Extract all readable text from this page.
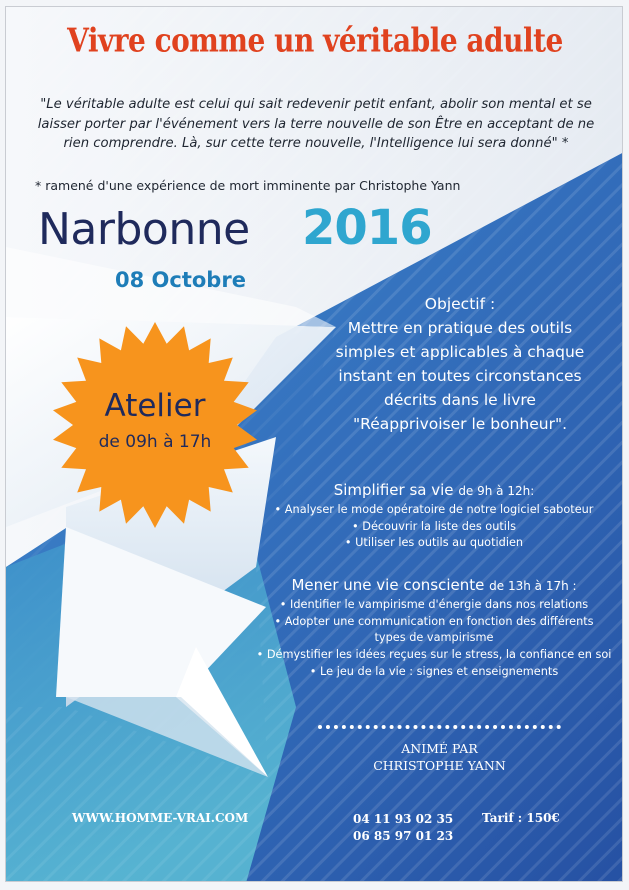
Vivre comme un véritable adulte
"Le véritable adulte est celui qui sait redevenir petit enfant, abolir son mental et se laisser porter par l'événement vers la terre nouvelle de son Être en acceptant de ne rien comprendre. Là, sur cette terre nouvelle, l'Intelligence lui sera donné" *
* ramené d'une expérience de mort imminente par Christophe Yann
Narbonne 2016
08 Octobre
Atelier
de 09h à 17h
Objectif :
Mettre en pratique des outils
simples et applicables à chaque
instant en toutes circonstances
décrits dans le livre
"Réapprivoiser le bonheur".
Simplifier sa vie de 9h à 12h:
• Analyser le mode opératoire de notre logiciel saboteur
• Découvrir la liste des outils
• Utiliser les outils au quotidien
Mener une vie consciente de 13h à 17h :
• Identifier le vampirisme d'énergie dans nos relations
• Adopter une communication en fonction des différents
types de vampirisme
• Démystifier les idées reçues sur le stress, la confiance en soi
• Le jeu de la vie : signes et enseignements
ANIMÉ PAR
CHRISTOPHE YANN
WWW.HOMME-VRAI.COM	04 11 93 02 35
06 85 97 01 23
Tarif : 150€
